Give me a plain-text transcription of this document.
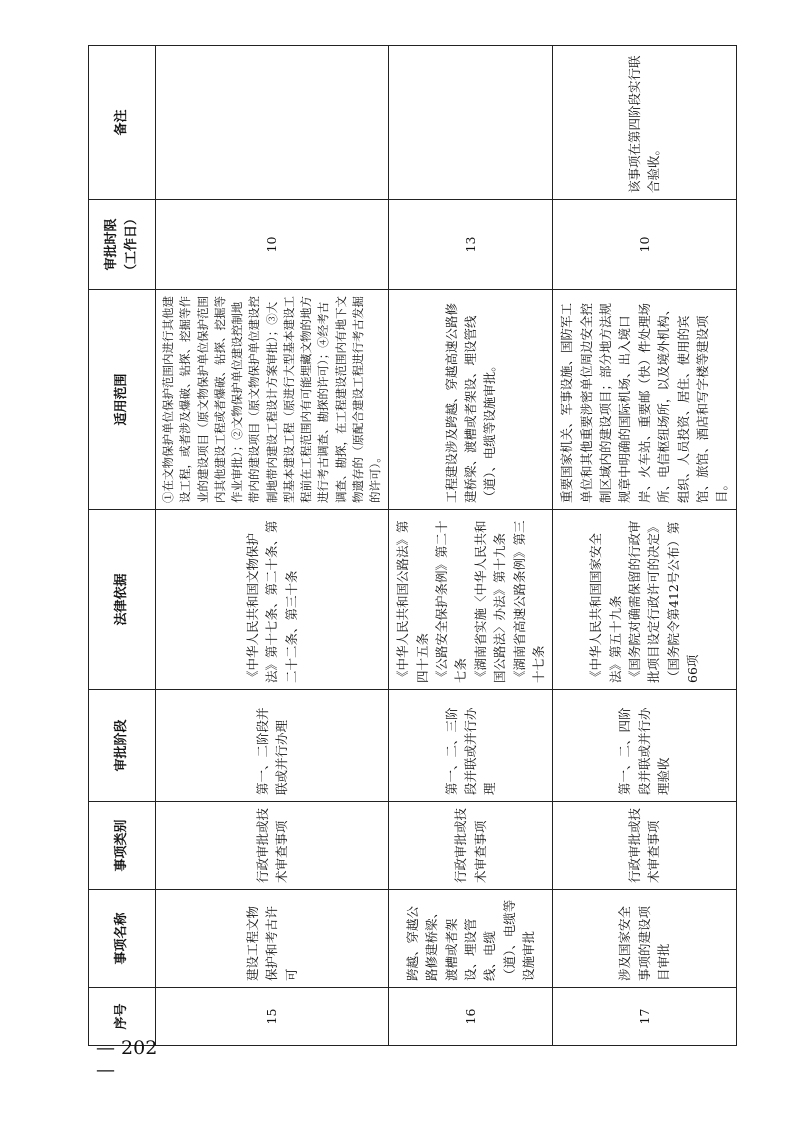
序号	事项名称	事项类别	审批阶段	法律依据	适用范围	审批时限（工作日）	备注
15	建设工程文物保护和考古许可	行政审批或技术审查事项	第一、二阶段并联或并行办理	《中华人民共和国文物保护法》第十七条、第二十条、第二十二条、第三十条	①在文物保护单位保护范围内进行其他建设工程，或者涉及爆破、钻探、挖掘等作业的建设项目（原文物保护单位保护范围内其他建设工程或者爆破、钻探、挖掘等作业审批）；②文物保护单位建设控制地带内的建设项目（原文物保护单位建设控制地带内建设工程设计方案审批）；③大型基本建设工程（原进行大型基本建设工程前在工程范围内有可能埋藏文物的地方进行考古调查、勘探的许可）；④经考古调查、勘探，在工程建设范围内有地下文物遗存的（原配合建设工程进行考古发掘的许可）。	10	
16	跨越、穿越公路修建桥梁、渡槽或者架设、埋设管线、电缆（道）、电缆等设施审批	行政审批或技术审查事项	第一、二、三阶段并联或并行办理	《中华人民共和国公路法》第四十五条
《公路安全保护条例》第二十七条
《湖南省实施〈中华人民共和国公路法〉办法》第十九条
《湖南省高速公路条例》第三十七条	工程建设涉及跨越、穿越高速公路修建桥梁、渡槽或者架设、埋设管线（道）、电缆等设施审批。	13	
17	涉及国家安全事项的建设项目审批	行政审批或技术审查事项	第一、二、四阶段并联或并行办理验收	《中华人民共和国国家安全法》第五十九条
《国务院对确需保留的行政审批项目设定行政许可的决定》（国务院令第412号公布）第66项	重要国家机关、军事设施、国防军工单位和其他重要涉密单位周边安全控制区域内的建设项目；部分地方法规规章中明确的国际机场、出入境口岸、火车站、重要邮（快）件处理场所、电信枢纽场所，以及境外机构、组织、人员投资、居住、使用的宾馆、旅馆、酒店和写字楼等建设项目。	10	该事项在第四阶段实行联合验收。
— 202 —
